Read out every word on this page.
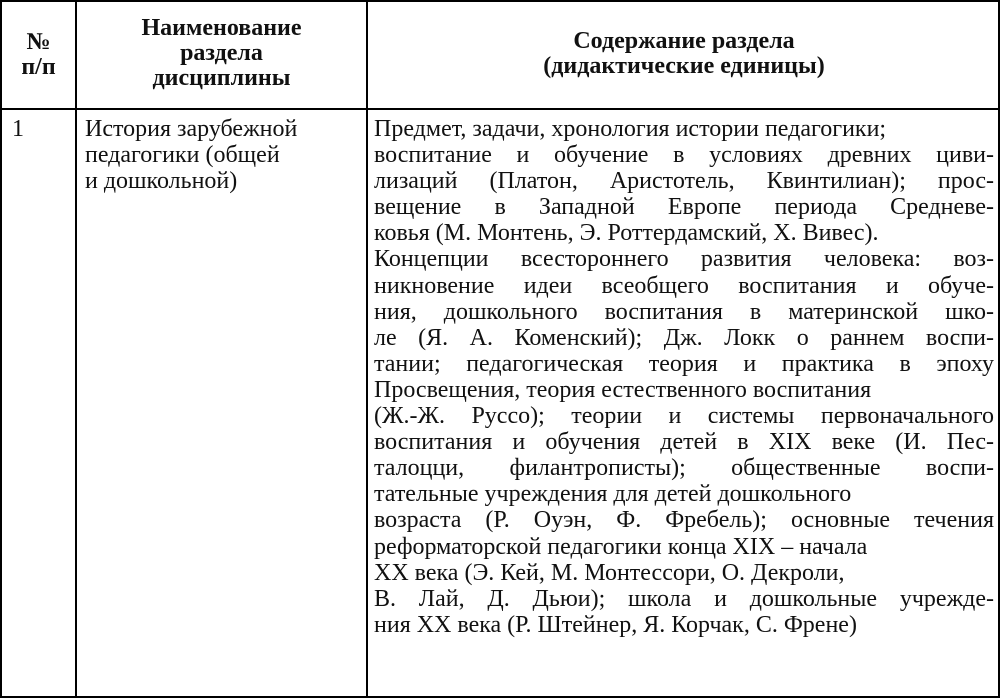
№
п/п
Наименование
раздела
дисциплины
Содержание раздела
(дидактические единицы)
1	История зарубежной
педагогики (общей
и дошкольной)
Предмет, задачи, хронология истории педагогики;
воспитание и обучение в условиях древних циви-
лизаций (Платон, Аристотель, Квинтилиан); прос-
вещение в Западной Европе периода Средневе-
ковья (М. Монтень, Э. Роттердамский, Х. Вивес).
Концепции всестороннего развития человека: воз-
никновение идеи всеобщего воспитания и обуче-
ния, дошкольного воспитания в материнской шко-
ле (Я. А. Коменский); Дж. Локк о раннем воспи-
тании; педагогическая теория и практика в эпоху
Просвещения, теория естественного воспитания
(Ж.-Ж. Руссо); теории и системы первоначального
воспитания и обучения детей в XIX веке (И. Пес-
талоцци, филантрописты); общественные воспи-
тательные учреждения для детей дошкольного
возраста (Р. Оуэн, Ф. Фребель); основные течения
реформаторской педагогики конца XIX – начала
XX века (Э. Кей, М. Монтессори, О. Декроли,
В. Лай, Д. Дьюи); школа и дошкольные учрежде-
ния XX века (Р. Штейнер, Я. Корчак, С. Френе)
